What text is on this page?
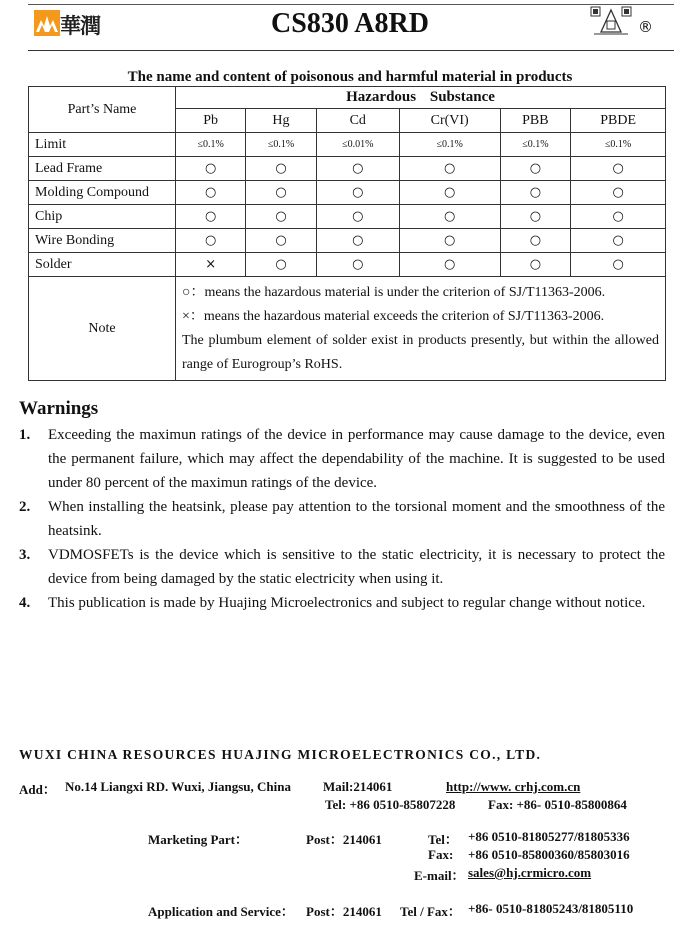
華潤	CS830 A8RD	®
The name and content of poisonous and harmful material in products
Part’s Name	Hazardous Substance					
	Pb	Hg	Cd	Cr(VI)	PBB	PBDE
Limit	≤0.1%	≤0.1%	≤0.01%	≤0.1%	≤0.1%	≤0.1%
Lead Frame	○	○	○	○	○	○
Molding Compound	○	○	○	○	○	○
Chip	○	○	○	○	○	○
Wire Bonding	○	○	○	○	○	○
Solder	×	○	○	○	○	○
Note	○：means the hazardous material is under the criterion of SJ/T11363-2006.
×：means the hazardous material exceeds the criterion of SJ/T11363-2006.
The plumbum element of solder exist in products presently, but within the allowed range of Eurogroup’s RoHS.					
Warnings
1. Exceeding the maximun ratings of the device in performance may cause damage to the device, even the permanent failure, which may affect the dependability of the machine. It is suggested to be used under 80 percent of the maximun ratings of the device.
2. When installing the heatsink, please pay attention to the torsional moment and the smoothness of the heatsink.
3. VDMOSFETs is the device which is sensitive to the static electricity, it is necessary to protect the device from being damaged by the static electricity when using it.
4. This publication is made by Huajing Microelectronics and subject to regular change without notice.
WUXI CHINA RESOURCES HUAJING MICROELECTRONICS CO., LTD.
Add： No.14 Liangxi RD. Wuxi, Jiangsu, China Mail:214061	http://www. crhj.com.cn
Tel: +86 0510-85807228	Fax: +86- 0510-85800864
Marketing Part：	Post：214061	Tel： +86 0510-81805277/81805336
Fax: +86 0510-85800360/85803016
E-mail： sales@hj.crmicro.com
Application and Service： Post：214061 Tel / Fax： +86- 0510-81805243/81805110
